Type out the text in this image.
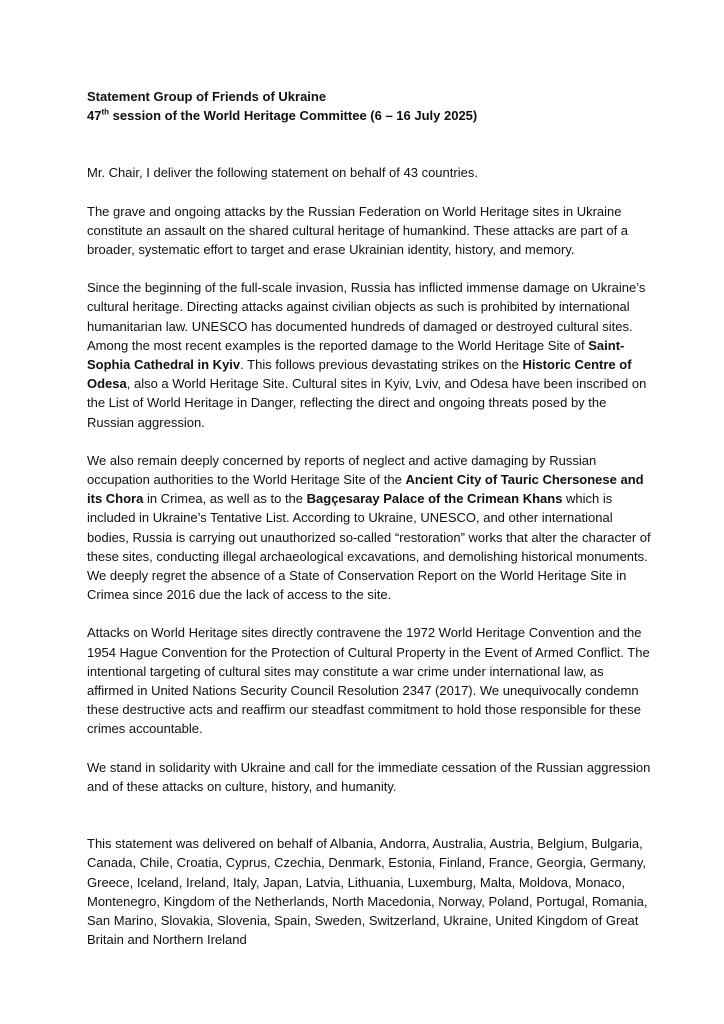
Statement Group of Friends of Ukraine

47th session of the World Heritage Committee (6 – 16 July 2025)

Mr. Chair, I deliver the following statement on behalf of 43 countries.

The grave and ongoing attacks by the Russian Federation on World Heritage sites in Ukraine constitute an assault on the shared cultural heritage of humankind. These attacks are part of a broader, systematic effort to target and erase Ukrainian identity, history, and memory.

Since the beginning of the full-scale invasion, Russia has inflicted immense damage on Ukraine’s cultural heritage. Directing attacks against civilian objects as such is prohibited by international humanitarian law. UNESCO has documented hundreds of damaged or destroyed cultural sites. Among the most recent examples is the reported damage to the World Heritage Site of Saint-Sophia Cathedral in Kyiv. This follows previous devastating strikes on the Historic Centre of Odesa, also a World Heritage Site. Cultural sites in Kyiv, Lviv, and Odesa have been inscribed on the List of World Heritage in Danger, reflecting the direct and ongoing threats posed by the Russian aggression.

We also remain deeply concerned by reports of neglect and active damaging by Russian occupation authorities to the World Heritage Site of the Ancient City of Tauric Chersonese and its Chora in Crimea, as well as to the Bagçesaray Palace of the Crimean Khans which is included in Ukraine’s Tentative List. According to Ukraine, UNESCO, and other international bodies, Russia is carrying out unauthorized so-called “restoration” works that alter the character of these sites, conducting illegal archaeological excavations, and demolishing historical monuments. We deeply regret the absence of a State of Conservation Report on the World Heritage Site in Crimea since 2016 due the lack of access to the site.

Attacks on World Heritage sites directly contravene the 1972 World Heritage Convention and the 1954 Hague Convention for the Protection of Cultural Property in the Event of Armed Conflict. The intentional targeting of cultural sites may constitute a war crime under international law, as affirmed in United Nations Security Council Resolution 2347 (2017). We unequivocally condemn these destructive acts and reaffirm our steadfast commitment to hold those responsible for these crimes accountable.

We stand in solidarity with Ukraine and call for the immediate cessation of the Russian aggression and of these attacks on culture, history, and humanity.

This statement was delivered on behalf of Albania, Andorra, Australia, Austria, Belgium, Bulgaria, Canada, Chile, Croatia, Cyprus, Czechia, Denmark, Estonia, Finland, France, Georgia, Germany, Greece, Iceland, Ireland, Italy, Japan, Latvia, Lithuania, Luxemburg, Malta, Moldova, Monaco, Montenegro, Kingdom of the Netherlands, North Macedonia, Norway, Poland, Portugal, Romania, San Marino, Slovakia, Slovenia, Spain, Sweden, Switzerland, Ukraine, United Kingdom of Great Britain and Northern Ireland
